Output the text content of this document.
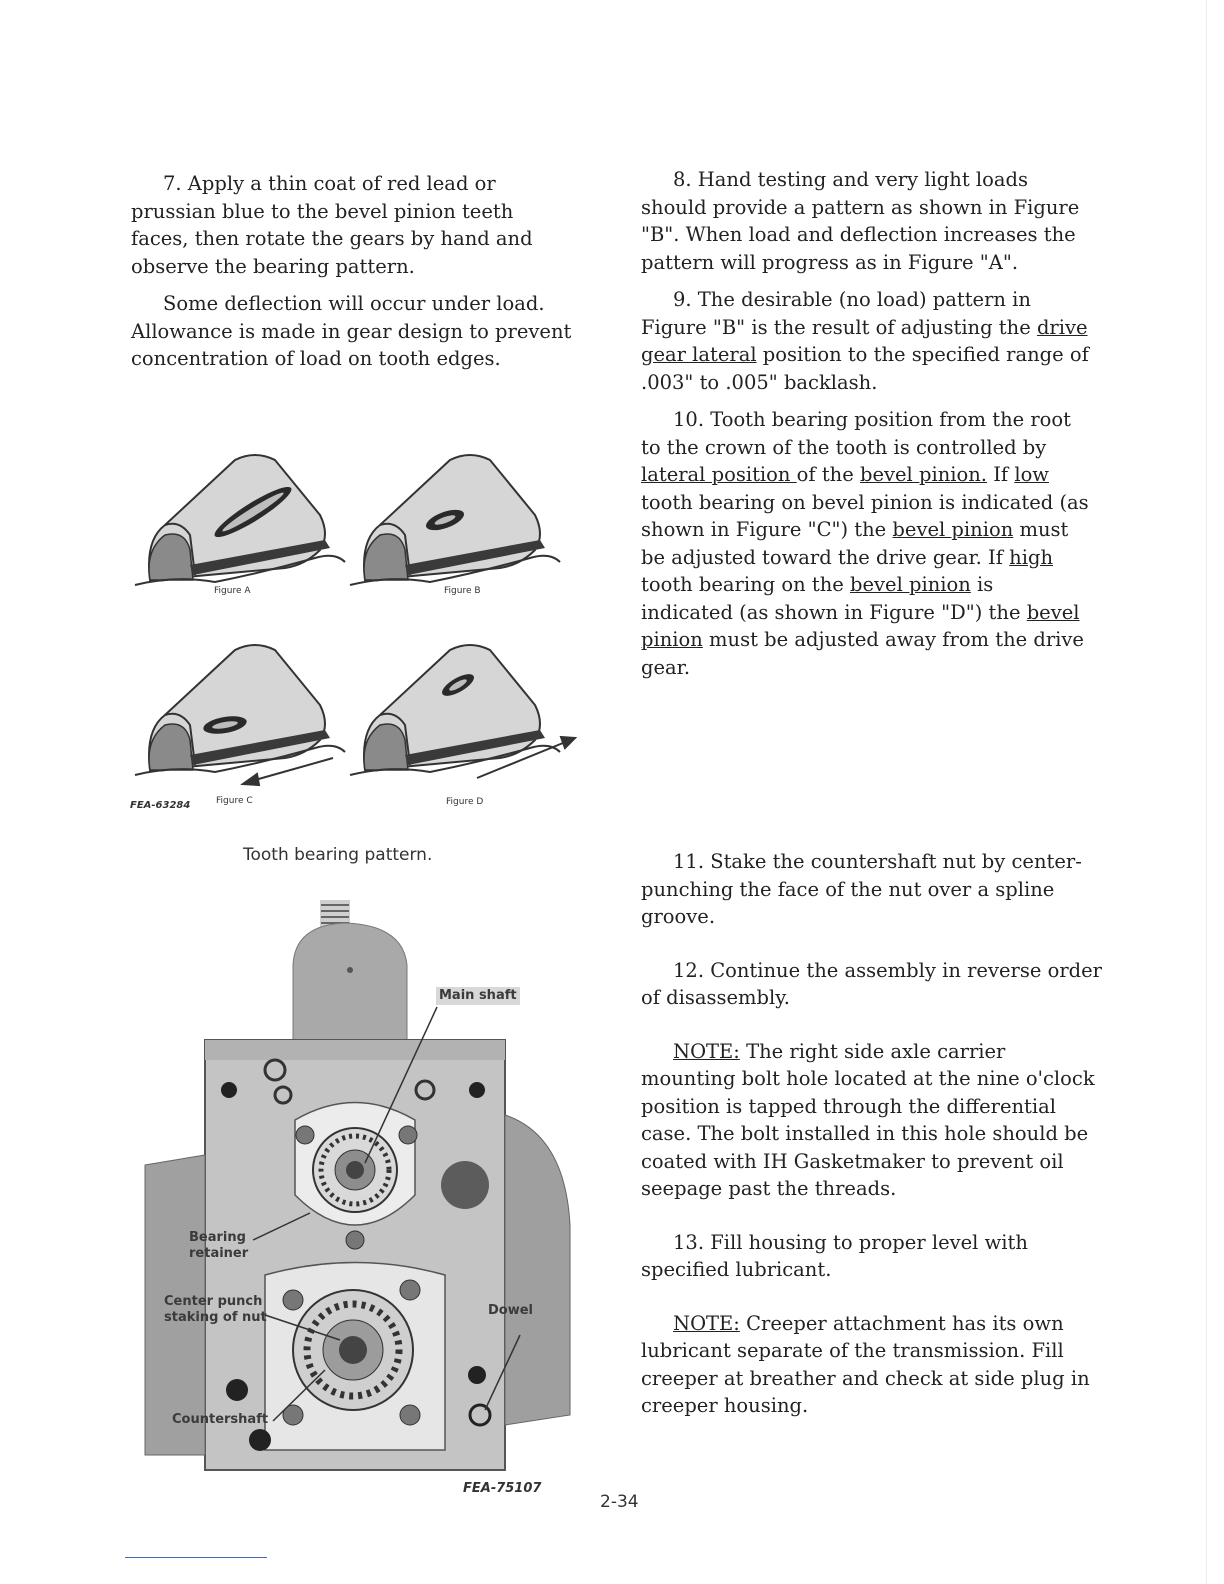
7. Apply a thin coat of red lead or prussian blue to the bevel pinion teeth faces, then rotate the gears by hand and observe the bearing pattern.

Some deflection will occur under load. Allowance is made in gear design to prevent concentration of load on tooth edges.

Figure A	Figure B
Figure C	Figure D
FEA-63284
Tooth bearing pattern.
Main shaft
Bearing
retainer
Center punch
staking of nut	Dowel
Countershaft
FEA-75107

8. Hand testing and very light loads should provide a pattern as shown in Figure "B". When load and deflection increases the pattern will progress as in Figure "A".

9. The desirable (no load) pattern in Figure "B" is the result of adjusting the drive gear lateral position to the specified range of .003" to .005" backlash.

10. Tooth bearing position from the root to the crown of the tooth is controlled by lateral position of the bevel pinion. If low tooth bearing on bevel pinion is indicated (as shown in Figure "C") the bevel pinion must be adjusted toward the drive gear. If high tooth bearing on the bevel pinion is indicated (as shown in Figure "D") the bevel pinion must be adjusted away from the drive gear.

11. Stake the countershaft nut by center-punching the face of the nut over a spline groove.

12. Continue the assembly in reverse order of disassembly.

NOTE: The right side axle carrier mounting bolt hole located at the nine o'clock position is tapped through the differential case. The bolt installed in this hole should be coated with IH Gasketmaker to prevent oil seepage past the threads.

13. Fill housing to proper level with specified lubricant.

NOTE: Creeper attachment has its own lubricant separate of the transmission. Fill creeper at breather and check at side plug in creeper housing.

2-34
